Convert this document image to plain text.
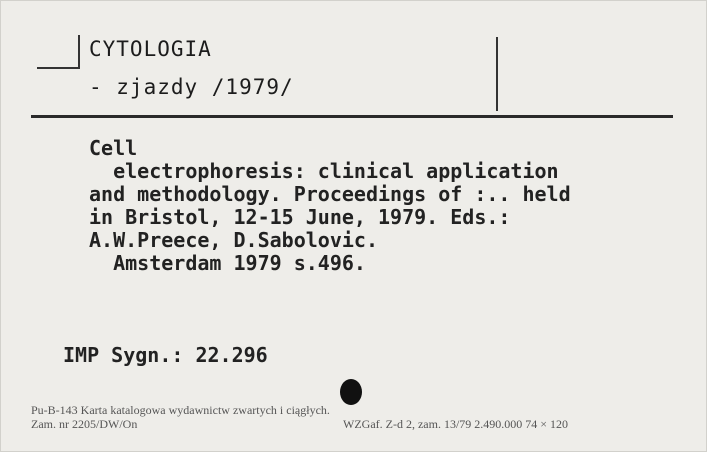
CYTOLOGIA
- zjazdy /1979/
Cell
electrophoresis: clinical application
and methodology. Proceedings of :.. held
in Bristol, 12-15 June, 1979. Eds.:
A.W.Preece, D.Sabolovic.
Amsterdam 1979 s.496.
IMP Sygn.: 22.296
Pu-B-143 Karta katalogowa wydawnictw zwartych i ciągłych.
Zam. nr 2205/DW/On	WZGaf. Z-d 2, zam. 13/79 2.490.000 74 × 120
